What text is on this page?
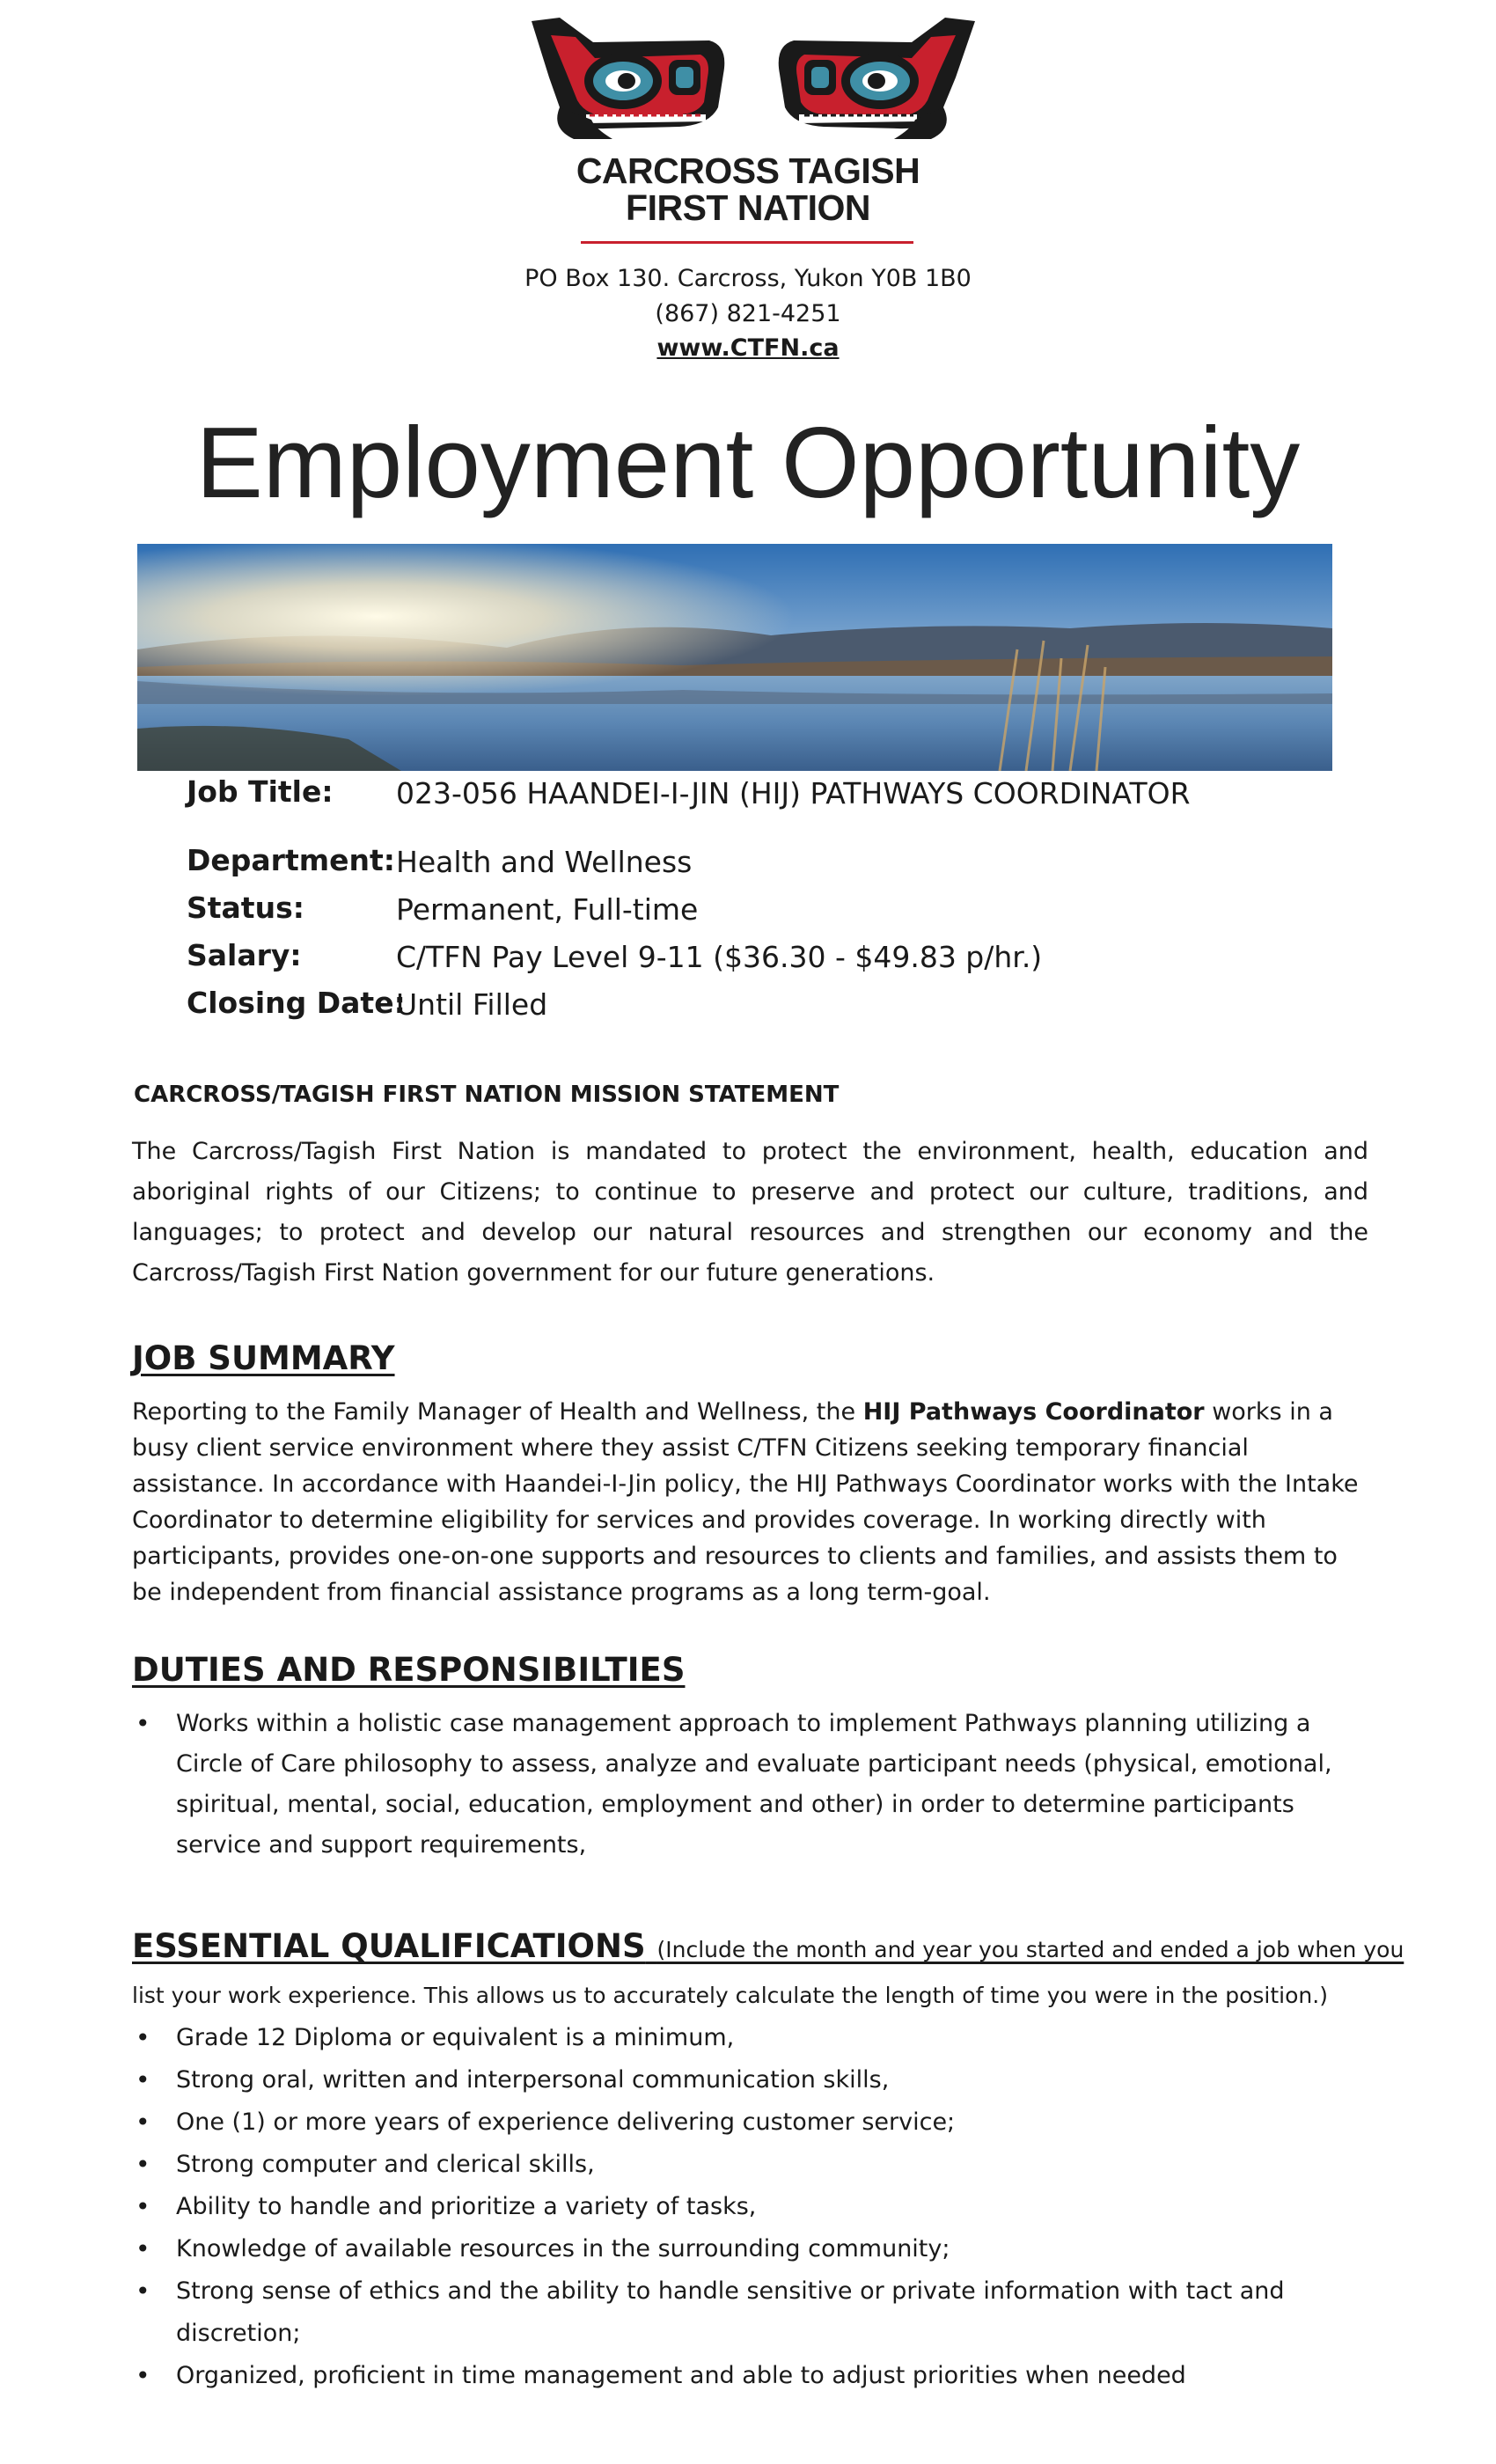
CARCROSS TAGISH
FIRST NATION
PO Box 130. Carcross, Yukon Y0B 1B0
(867) 821-4251
www.CTFN.ca
Employment Opportunity
Job Title: 023-056 HAANDEI-I-JIN (HIJ) PATHWAYS COORDINATOR
Department: Health and Wellness
Status:	Permanent, Full-time
Salary:	C/TFN Pay Level 9-11 ($36.30 - $49.83 p/hr.)
Closing Date:
Until Filled
CARCROSS/TAGISH FIRST NATION MISSION STATEMENT
The Carcross/Tagish First Nation is mandated to protect the environment, health, education and aboriginal rights of our Citizens; to continue to preserve and protect our culture, traditions, and languages; to protect and develop our natural resources and strengthen our economy and the Carcross/Tagish First Nation government for our future generations.
JOB SUMMARY
Reporting to the Family Manager of Health and Wellness, the HIJ Pathways Coordinator works in a busy client service environment where they assist C/TFN Citizens seeking temporary financial assistance. In accordance with Haandei-I-Jin policy, the HIJ Pathways Coordinator works with the Intake Coordinator to determine eligibility for services and provides coverage. In working directly with participants, provides one-on-one supports and resources to clients and families, and assists them to be independent from financial assistance programs as a long term-goal.
DUTIES AND RESPONSIBILTIES
• Works within a holistic case management approach to implement Pathways planning utilizing a Circle of Care philosophy to assess, analyze and evaluate participant needs (physical, emotional, spiritual, mental, social, education, employment and other) in order to determine participants service and support requirements,
ESSENTIAL QUALIFICATIONS (Include the month and year you started and ended a job when you
list your work experience. This allows us to accurately calculate the length of time you were in the position.)
• Grade 12 Diploma or equivalent is a minimum,
• Strong oral, written and interpersonal communication skills,
• One (1) or more years of experience delivering customer service;
• Strong computer and clerical skills,
• Ability to handle and prioritize a variety of tasks,
• Knowledge of available resources in the surrounding community;
• Strong sense of ethics and the ability to handle sensitive or private information with tact and discretion;
• Organized, proficient in time management and able to adjust priorities when needed
